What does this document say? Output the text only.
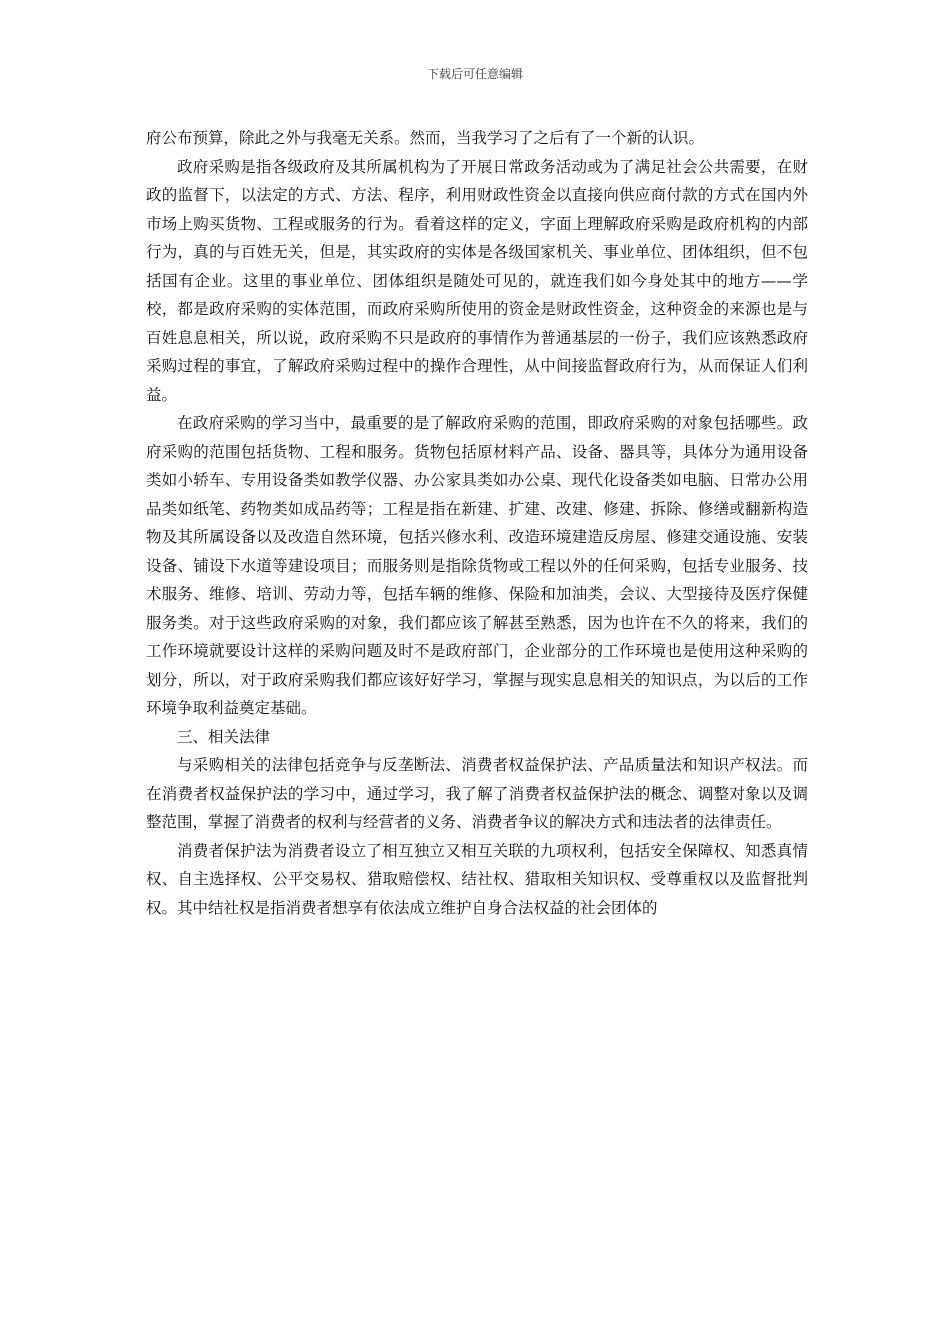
下载后可任意编辑

府公布预算，除此之外与我毫无关系。然而，当我学习了之后有了一个新的认识。

政府采购是指各级政府及其所属机构为了开展日常政务活动或为了满足社会公共需要，在财政的监督下，以法定的方式、方法、程序，利用财政性资金以直接向供应商付款的方式在国内外市场上购买货物、工程或服务的行为。看着这样的定义，字面上理解政府采购是政府机构的内部行为，真的与百姓无关，但是，其实政府的实体是各级国家机关、事业单位、团体组织，但不包括国有企业。这里的事业单位、团体组织是随处可见的，就连我们如今身处其中的地方——学校，都是政府采购的实体范围，而政府采购所使用的资金是财政性资金，这种资金的来源也是与百姓息息相关，所以说，政府采购不只是政府的事情作为普通基层的一份子，我们应该熟悉政府采购过程的事宜，了解政府采购过程中的操作合理性，从中间接监督政府行为，从而保证人们利益。

在政府采购的学习当中，最重要的是了解政府采购的范围，即政府采购的对象包括哪些。政府采购的范围包括货物、工程和服务。货物包括原材料产品、设备、器具等，具体分为通用设备类如小轿车、专用设备类如教学仪器、办公家具类如办公桌、现代化设备类如电脑、日常办公用品类如纸笔、药物类如成品药等；工程是指在新建、扩建、改建、修建、拆除、修缮或翻新构造物及其所属设备以及改造自然环境，包括兴修水利、改造环境建造反房屋、修建交通设施、安装设备、铺设下水道等建设项目；而服务则是指除货物或工程以外的任何采购，包括专业服务、技术服务、维修、培训、劳动力等，包括车辆的维修、保险和加油类，会议、大型接待及医疗保健服务类。对于这些政府采购的对象，我们都应该了解甚至熟悉，因为也许在不久的将来，我们的工作环境就要设计这样的采购问题及时不是政府部门，企业部分的工作环境也是使用这种采购的划分，所以，对于政府采购我们都应该好好学习，掌握与现实息息相关的知识点，为以后的工作环境争取利益奠定基础。

三、相关法律

与采购相关的法律包括竞争与反垄断法、消费者权益保护法、产品质量法和知识产权法。而在消费者权益保护法的学习中，通过学习，我了解了消费者权益保护法的概念、调整对象以及调整范围，掌握了消费者的权利与经营者的义务、消费者争议的解决方式和违法者的法律责任。

消费者保护法为消费者设立了相互独立又相互关联的九项权利，包括安全保障权、知悉真情权、自主选择权、公平交易权、猎取赔偿权、结社权、猎取相关知识权、受尊重权以及监督批判权。其中结社权是指消费者想享有依法成立维护自身合法权益的社会团体的
